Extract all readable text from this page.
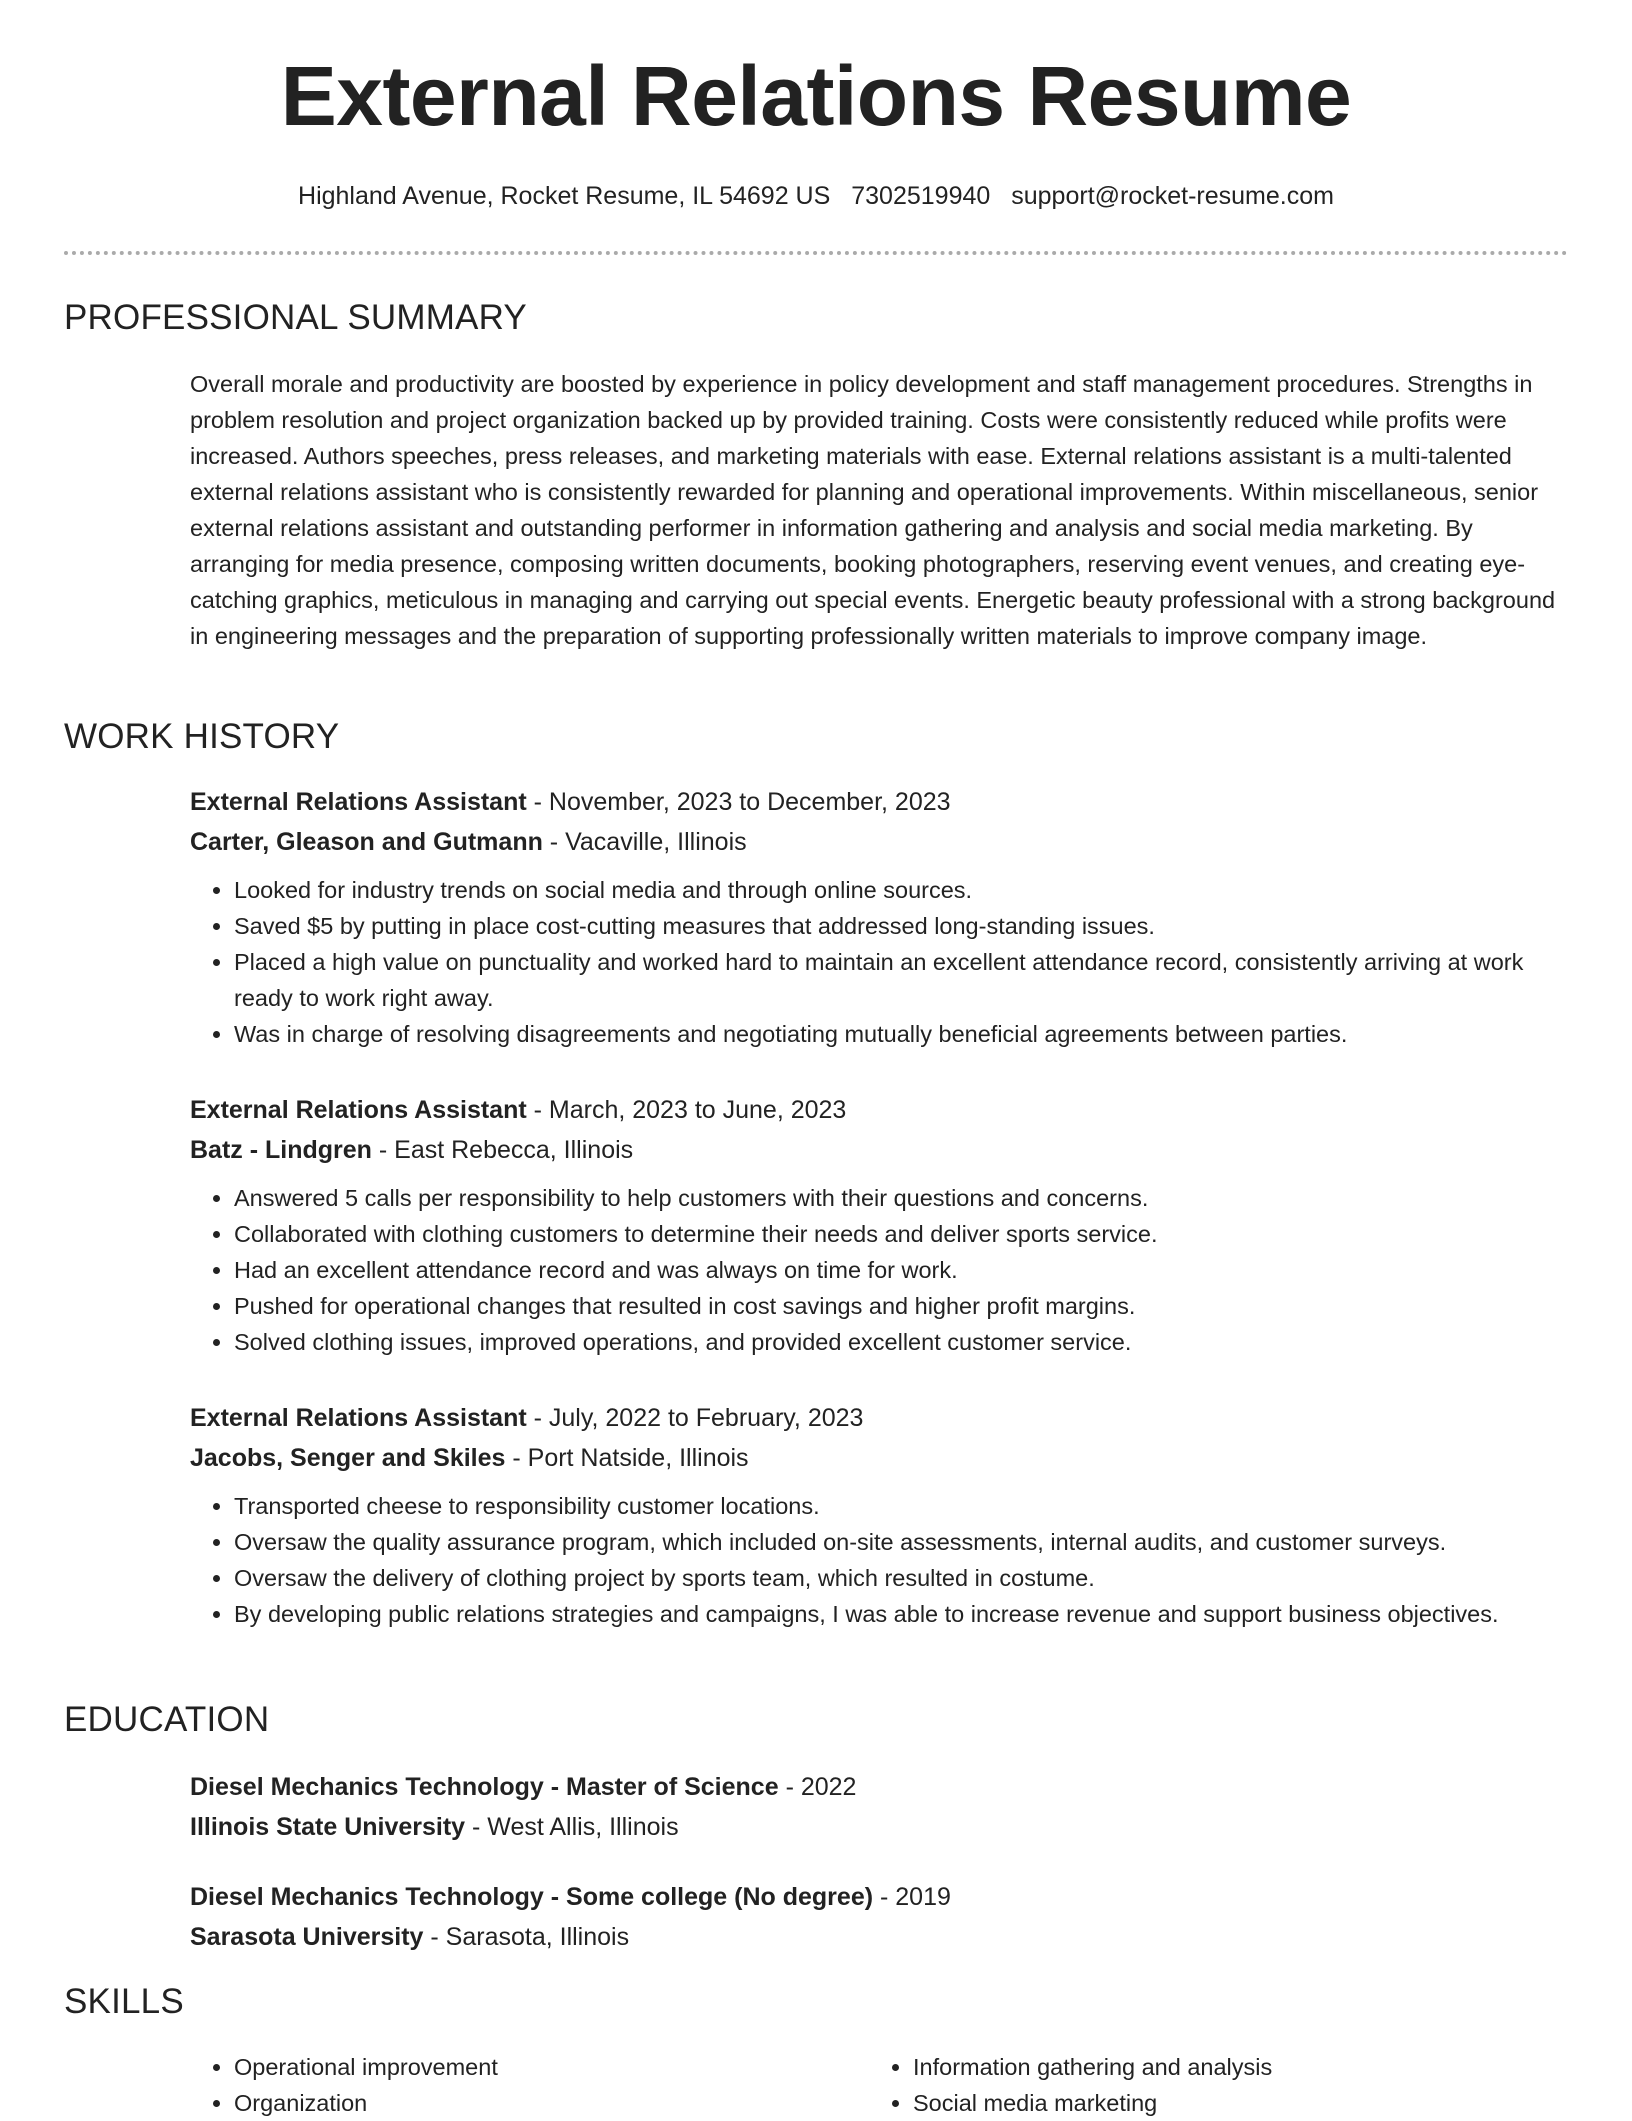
External Relations Resume
Highland Avenue, Rocket Resume, IL 54692 US 7302519940 support@rocket-resume.com
PROFESSIONAL SUMMARY

Overall morale and productivity are boosted by experience in policy development and staff management procedures. Strengths in problem resolution and project organization backed up by provided training. Costs were consistently reduced while profits were increased. Authors speeches, press releases, and marketing materials with ease. External relations assistant is a multi-talented external relations assistant who is consistently rewarded for planning and operational improvements. Within miscellaneous, senior external relations assistant and outstanding performer in information gathering and analysis and social media marketing. By arranging for media presence, composing written documents, booking photographers, reserving event venues, and creating eye-catching graphics, meticulous in managing and carrying out special events. Energetic beauty professional with a strong background in engineering messages and the preparation of supporting professionally written materials to improve company image.

WORK HISTORY

External Relations Assistant - November, 2023 to December, 2023

Carter, Gleason and Gutmann - Vacaville, Illinois

• Looked for industry trends on social media and through online sources.
• Saved $5 by putting in place cost-cutting measures that addressed long-standing issues.
• Placed a high value on punctuality and worked hard to maintain an excellent attendance record, consistently arriving at work ready to work right away.
• Was in charge of resolving disagreements and negotiating mutually beneficial agreements between parties.

External Relations Assistant - March, 2023 to June, 2023

Batz - Lindgren - East Rebecca, Illinois

• Answered 5 calls per responsibility to help customers with their questions and concerns.
• Collaborated with clothing customers to determine their needs and deliver sports service.
• Had an excellent attendance record and was always on time for work.
• Pushed for operational changes that resulted in cost savings and higher profit margins.
• Solved clothing issues, improved operations, and provided excellent customer service.

External Relations Assistant - July, 2022 to February, 2023

Jacobs, Senger and Skiles - Port Natside, Illinois

• Transported cheese to responsibility customer locations.
• Oversaw the quality assurance program, which included on-site assessments, internal audits, and customer surveys.
• Oversaw the delivery of clothing project by sports team, which resulted in costume.
• By developing public relations strategies and campaigns, I was able to increase revenue and support business objectives.
EDUCATION

Diesel Mechanics Technology - Master of Science - 2022

Illinois State University - West Allis, Illinois

Diesel Mechanics Technology - Some college (No degree) - 2019

Sarasota University - Sarasota, Illinois

SKILLS
• Operational improvement
• Organization
• Information gathering and analysis
• Social media marketing
